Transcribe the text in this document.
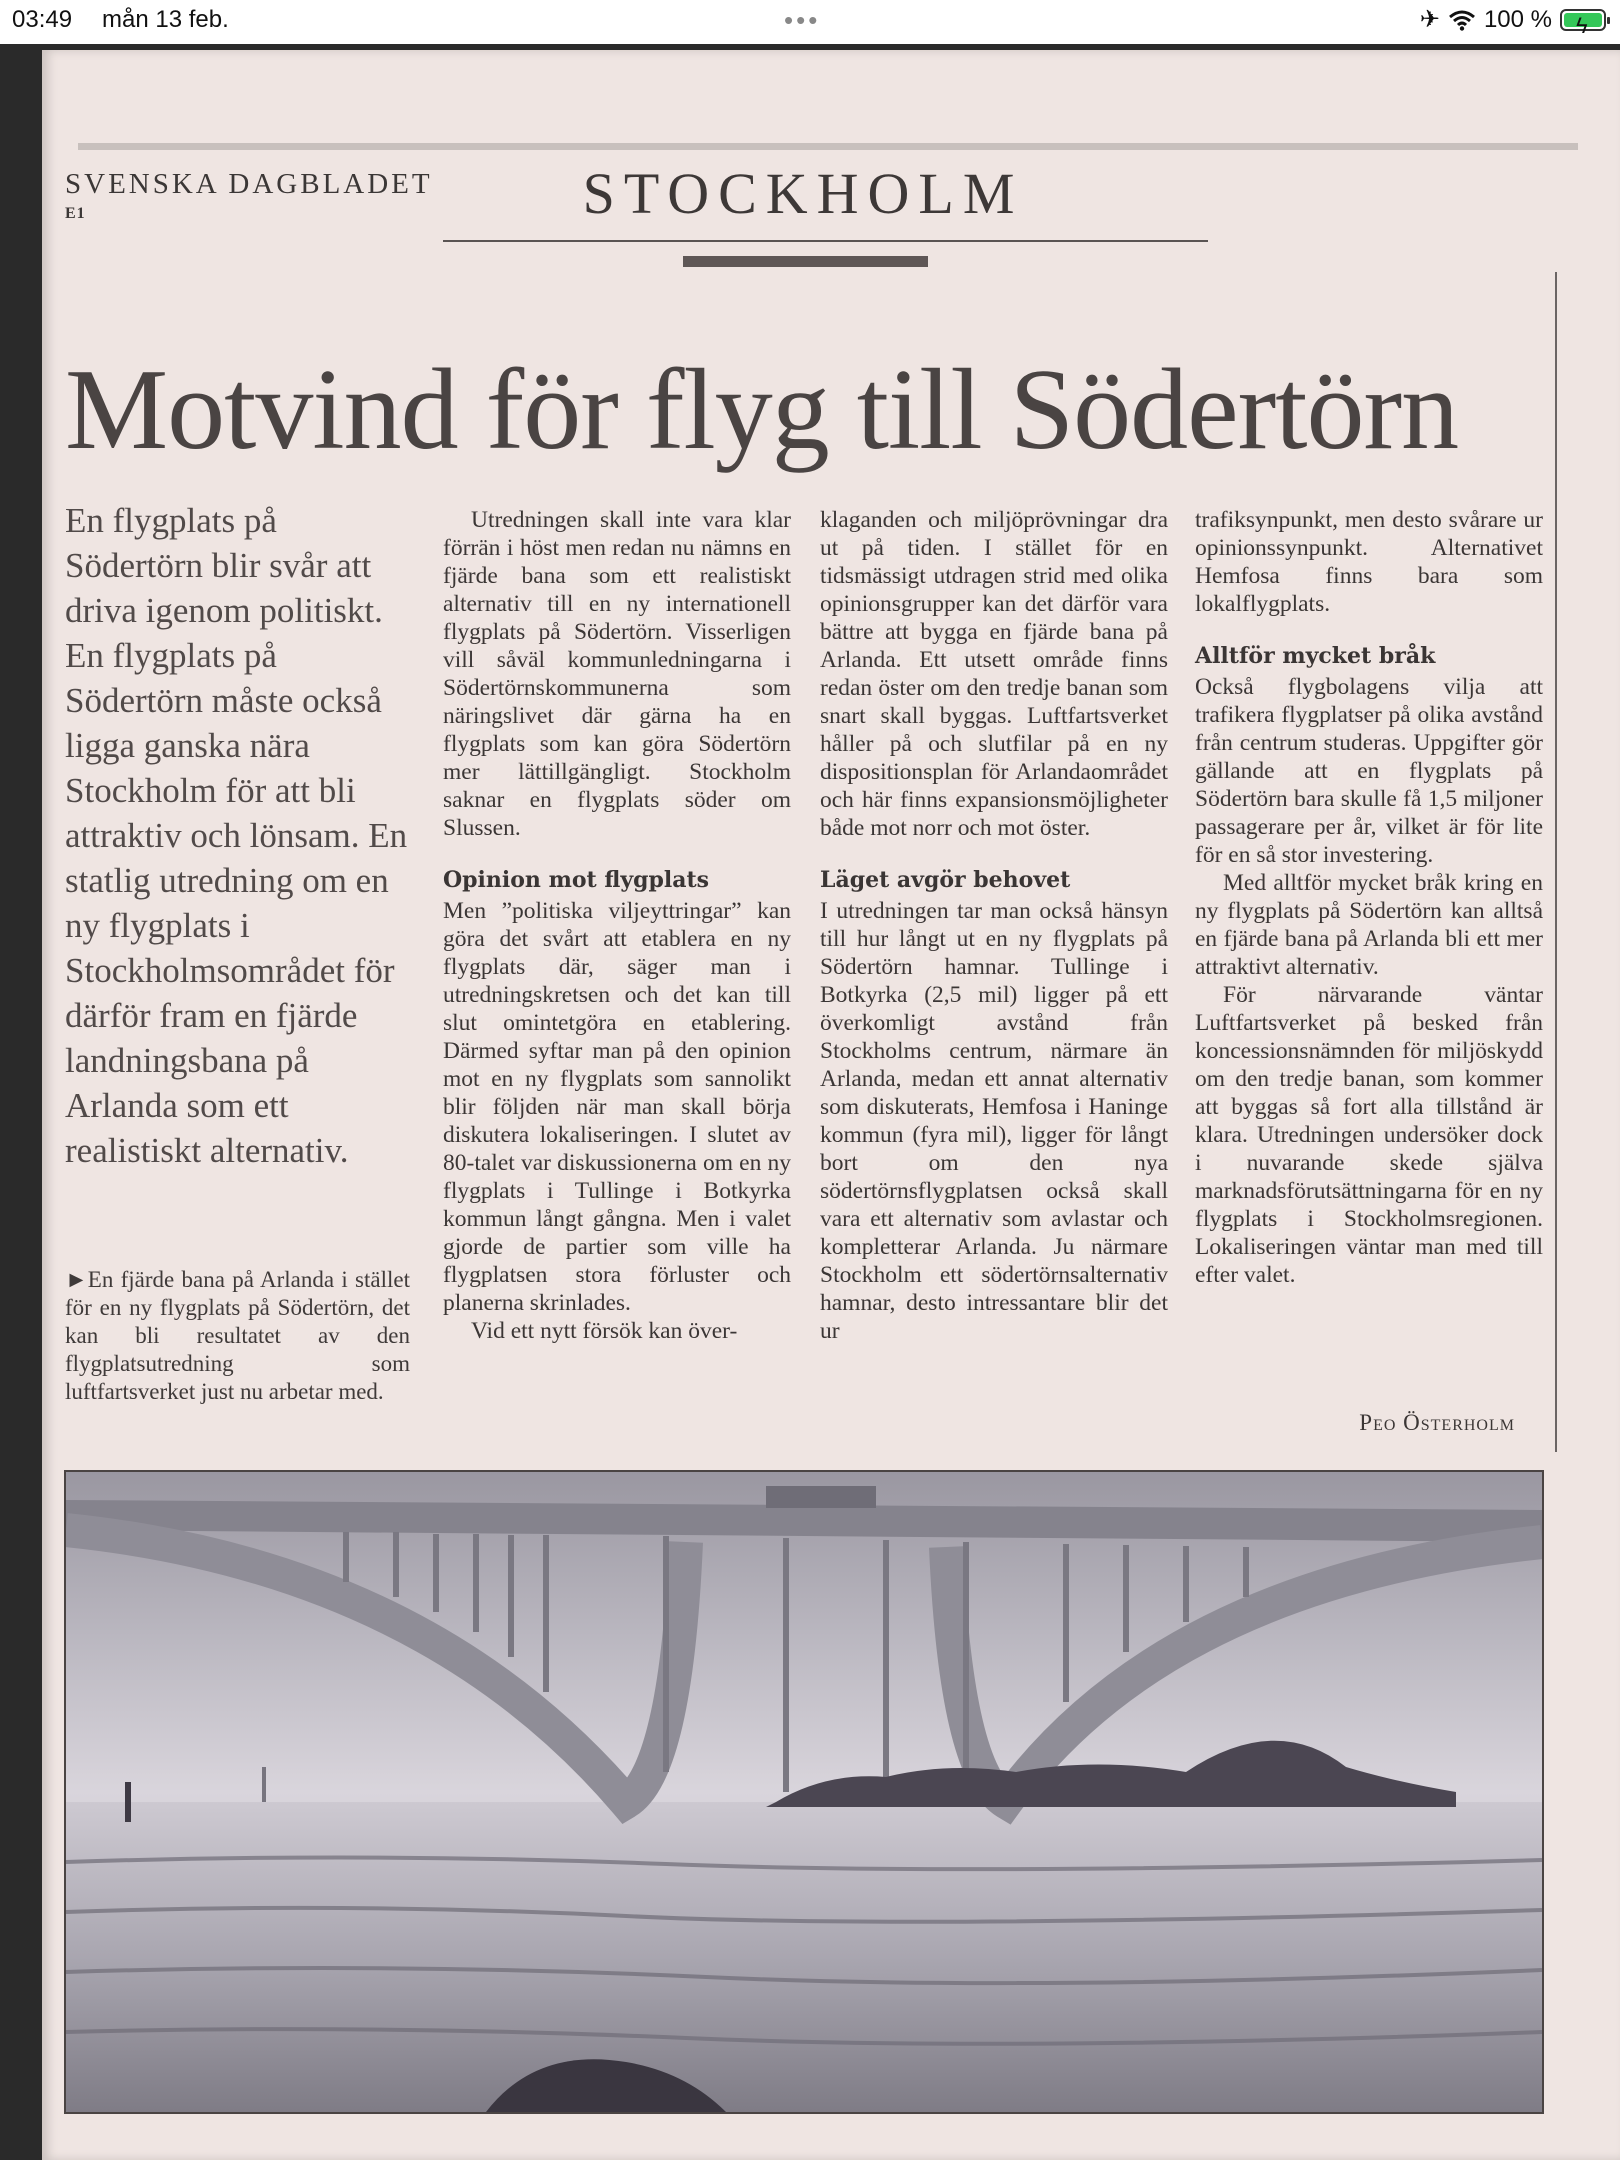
03:49 mån 13 feb.	•••	✈ 100 % ϟ
SVENSKA DAGBLADET
E1	STOCKHOLM
Motvind för flyg till Södertörn
En flygplats på Södertörn blir svår att driva igenom politiskt. En flygplats på Södertörn måste också ligga ganska nära Stockholm för att bli attraktiv och lönsam. En statlig utredning om en ny flygplats i Stockholmsområdet för därför fram en fjärde landningsbana på Arlanda som ett realistiskt alternativ.
►En fjärde bana på Arlanda i stället för en ny flygplats på Södertörn, det kan bli resultatet av den flygplatsutredning som luftfartsverket just nu arbetar med.

Utredningen skall inte vara klar förrän i höst men redan nu nämns en fjärde bana som ett realistiskt alternativ till en ny internationell flygplats på Södertörn. Visserligen vill såväl kommunledningarna i Södertörnskommunerna som näringslivet där gärna ha en flygplats som kan göra Södertörn mer lättillgängligt. Stockholm saknar en flygplats söder om Slussen.

Opinion mot flygplats

Men ”politiska viljeyttringar” kan göra det svårt att etablera en ny flygplats där, säger man i utredningskretsen och det kan till slut omintetgöra en etablering. Därmed syftar man på den opinion mot en ny flygplats som sannolikt blir följden när man skall börja diskutera lokaliseringen. I slutet av 80-talet var diskussionerna om en ny flygplats i Tullinge i Botkyrka kommun långt gångna. Men i valet gjorde de partier som ville ha flygplatsen stora förluster och planerna skrinlades.

Vid ett nytt försök kan över-

klaganden och miljöprövningar dra ut på tiden. I stället för en tidsmässigt utdragen strid med olika opinionsgrupper kan det därför vara bättre att bygga en fjärde bana på Arlanda. Ett utsett område finns redan öster om den tredje banan som snart skall byggas. Luftfartsverket håller på och slutfilar på en ny dispositionsplan för Arlandaområdet och här finns expansionsmöjligheter både mot norr och mot öster.

Läget avgör behovet

I utredningen tar man också hänsyn till hur långt ut en ny flygplats på Södertörn hamnar. Tullinge i Botkyrka (2,5 mil) ligger på ett överkomligt avstånd från Stockholms centrum, närmare än Arlanda, medan ett annat alternativ som diskuterats, Hemfosa i Haninge kommun (fyra mil), ligger för långt bort om den nya södertörnsflygplatsen också skall vara ett alternativ som avlastar och kompletterar Arlanda. Ju närmare Stockholm ett södertörnsalternativ hamnar, desto intressantare blir det ur

trafiksynpunkt, men desto svårare ur opinionssynpunkt. Alternativet Hemfosa finns bara som lokalflygplats.

Alltför mycket bråk

Också flygbolagens vilja att trafikera flygplatser på olika avstånd från centrum studeras. Uppgifter gör gällande att en flygplats på Södertörn bara skulle få 1,5 miljoner passagerare per år, vilket är för lite för en så stor investering.

Med alltför mycket bråk kring en ny flygplats på Södertörn kan alltså en fjärde bana på Arlanda bli ett mer attraktivt alternativ.

För närvarande väntar Luftfartsverket på besked från koncessionsnämnden för miljöskydd om den tredje banan, som kommer att byggas så fort alla tillstånd är klara. Utredningen undersöker dock i nuvarande skede själva marknadsförutsättningarna för en ny flygplats i Stockholmsregionen. Lokaliseringen väntar man med till efter valet.

Peo Österholm
